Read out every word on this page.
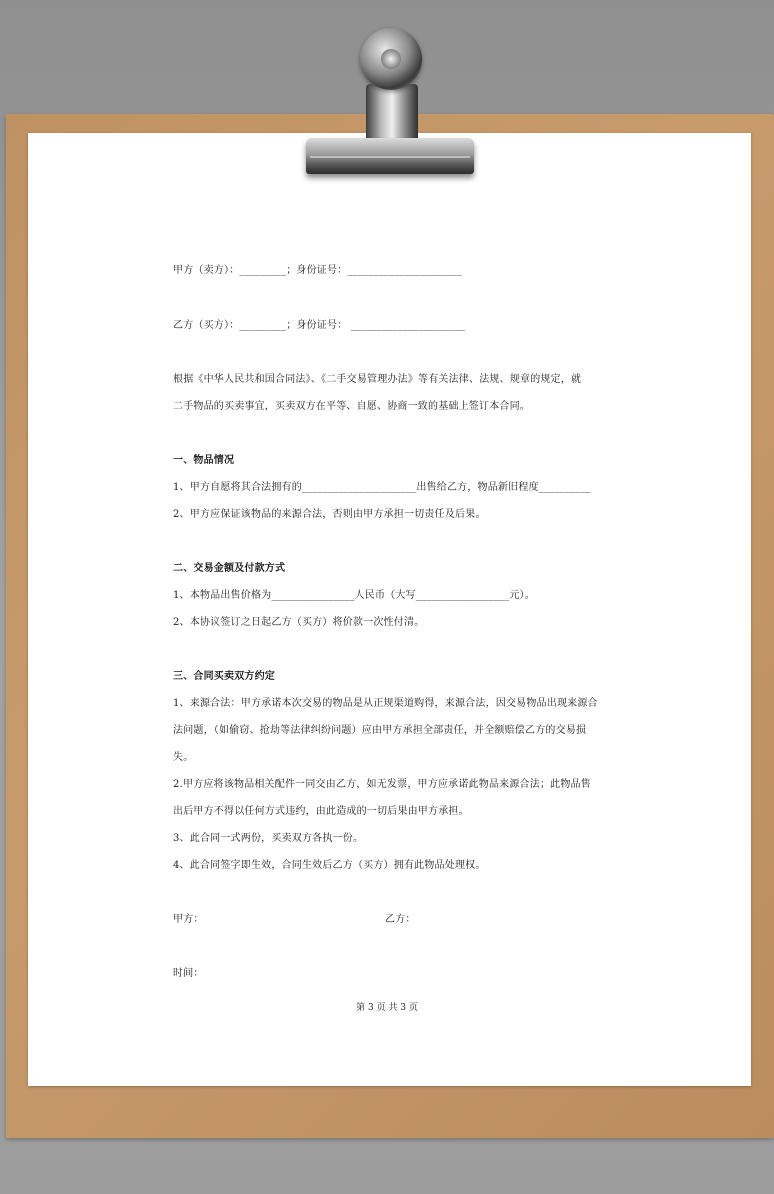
甲方（卖方）：_________；身份证号：______________________

乙方（买方）：_________；身份证号： ______________________

根据《中华人民共和国合同法》、《二手交易管理办法》等有关法律、法规、规章的规定，就

二手物品的买卖事宜，买卖双方在平等、自愿、协商一致的基础上签订本合同。

一、物品情况

1、甲方自愿将其合法拥有的______________________出售给乙方，物品新旧程度__________

2、甲方应保证该物品的来源合法，否则由甲方承担一切责任及后果。

二、交易金额及付款方式

1、本物品出售价格为________________人民币（大写__________________元）。

2、本协议签订之日起乙方（买方）将价款一次性付清。

三、合同买卖双方约定

1、来源合法：甲方承诺本次交易的物品是从正规渠道购得，来源合法，因交易物品出现来源合

法问题，（如偷窃、抢劫等法律纠纷问题）应由甲方承担全部责任，并全额赔偿乙方的交易损

失。

2.甲方应将该物品相关配件一同交由乙方，如无发票，甲方应承诺此物品来源合法；此物品售

出后甲方不得以任何方式违约，由此造成的一切后果由甲方承担。

3、此合同一式两份，买卖双方各执一份。

4、此合同签字即生效，合同生效后乙方（买方）拥有此物品处理权。

甲方：	乙方：

时间：

第 3 页 共 3 页
